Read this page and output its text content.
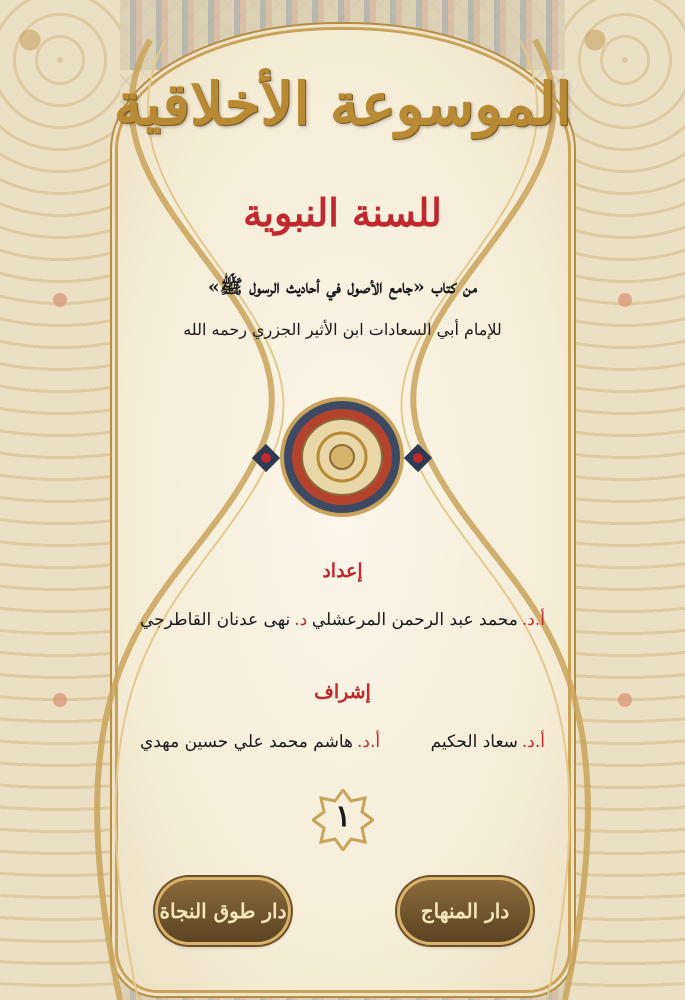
الموسوعة الأخلاقية
للسنة النبوية
من كتاب «جامع الأصول في أحاديث الرسول ﷺ»
للإمام أبي السعادات ابن الأثير الجزري رحمه الله
إعداد
أ.د.محمد عبد الرحمن المرعشلي
د.نهى عدنان القاطرجي
إشراف
أ.د.سعاد الحكيم
أ.د.هاشم محمد علي حسين مهدي
١
دار المنهاج
دار طوق النجاة
